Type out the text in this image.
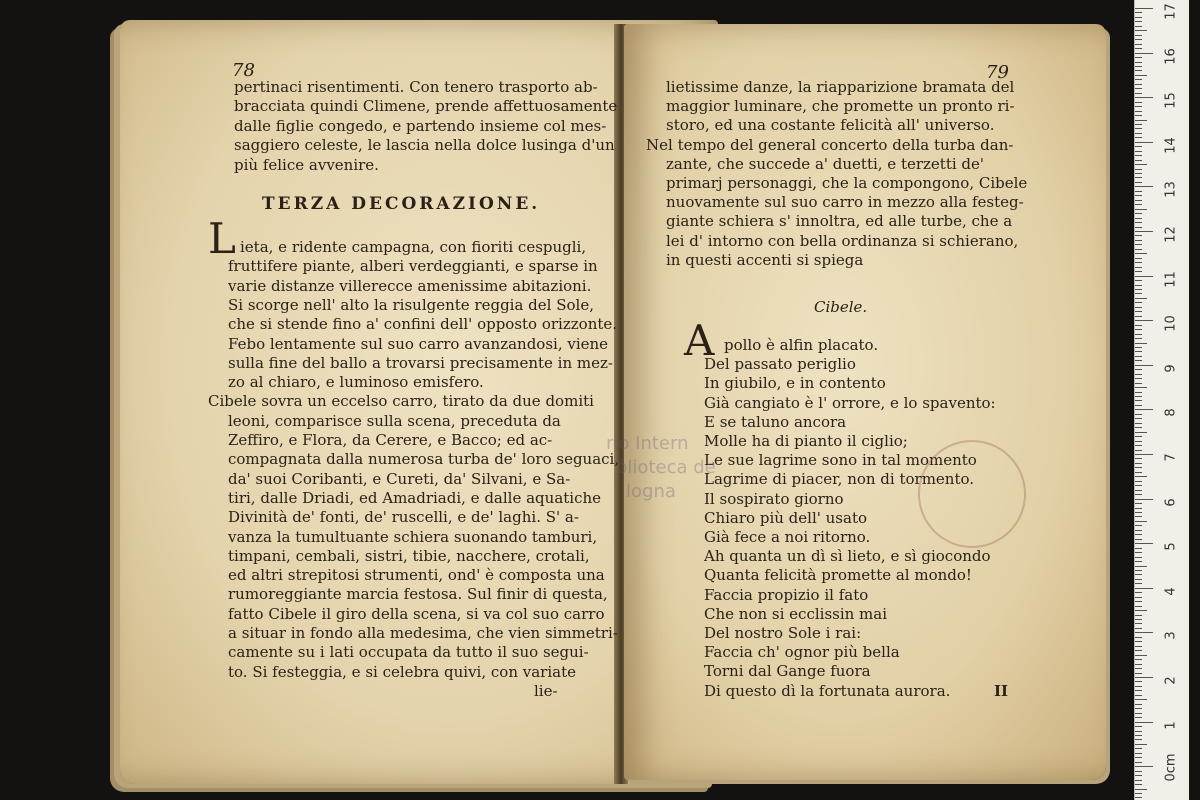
78
pertinaci risentimenti. Con tenero trasporto ab-
bracciata quindi Climene, prende affettuosamente
dalle figlie congedo, e partendo insieme col mes-
saggiero celeste, le lascia nella dolce lusinga d'un
più felice avvenire.
TERZA DECORAZIONE.
L ieta, e ridente campagna, con fioriti cespugli,
fruttifere piante, alberi verdeggianti, e sparse in
varie distanze villerecce amenissime abitazioni.
Si scorge nell' alto la risulgente reggia del Sole,
che si stende fino a' confini dell' opposto orizzonte.
Febo lentamente sul suo carro avanzandosi, viene
sulla fine del ballo a trovarsi precisamente in mez-
zo al chiaro, e luminoso emisfero.
Cibele sovra un eccelso carro, tirato da due domiti
leoni, comparisce sulla scena, preceduta da
Zeffiro, e Flora, da Cerere, e Bacco; ed ac-
compagnata dalla numerosa turba de' loro seguaci,
da' suoi Coribanti, e Cureti, da' Silvani, e Sa-
tiri, dalle Driadi, ed Amadriadi, e dalle aquatiche
Divinità de' fonti, de' ruscelli, e de' laghi. S' a-
vanza la tumultuante schiera suonando tamburi,
timpani, cembali, sistri, tibie, nacchere, crotali,
ed altri strepitosi strumenti, ond' è composta una
rumoreggiante marcia festosa. Sul finir di questa,
fatto Cibele il giro della scena, si va col suo carro
a situar in fondo alla medesima, che vien simmetri-
camente su i lati occupata da tutto il suo segui-
to. Si festeggia, e si celebra quivi, con variate
lie-
79
lietissime danze, la riapparizione bramata del
maggior luminare, che promette un pronto ri-
storo, ed una costante felicità all' universo.
Nel tempo del general concerto della turba dan-
zante, che succede a' duetti, e terzetti de'
primarj personaggi, che la compongono, Cibele
nuovamente sul suo carro in mezzo alla festeg-
giante schiera s' innoltra, ed alle turbe, che a
lei d' intorno con bella ordinanza si schierano,
in questi accenti si spiega
Cibele.
A pollo è alfin placato.
Del passato periglio
In giubilo, e in contento
Già cangiato è l' orrore, e lo spavento:
E se taluno ancora
Molle ha di pianto il ciglio;
Le sue lagrime sono in tal momento
Lagrime di piacer, non di tormento.
Il sospirato giorno
Chiaro più dell' usato
Già fece a noi ritorno.
Ah quanta un dì sì lieto, e sì giocondo
Quanta felicità promette al mondo!
Faccia propizio il fato
Che non si ecclissin mai
Del nostro Sole i rai:
Faccia ch' ognor più bella
Torni dal Gange fuora
Di questo dì la fortunata aurora.	II
rio Intern
blioteca de
logna
17
16
15
14
13
12
11
10
9
8
7
6
5
4
3
2
1
0cm
